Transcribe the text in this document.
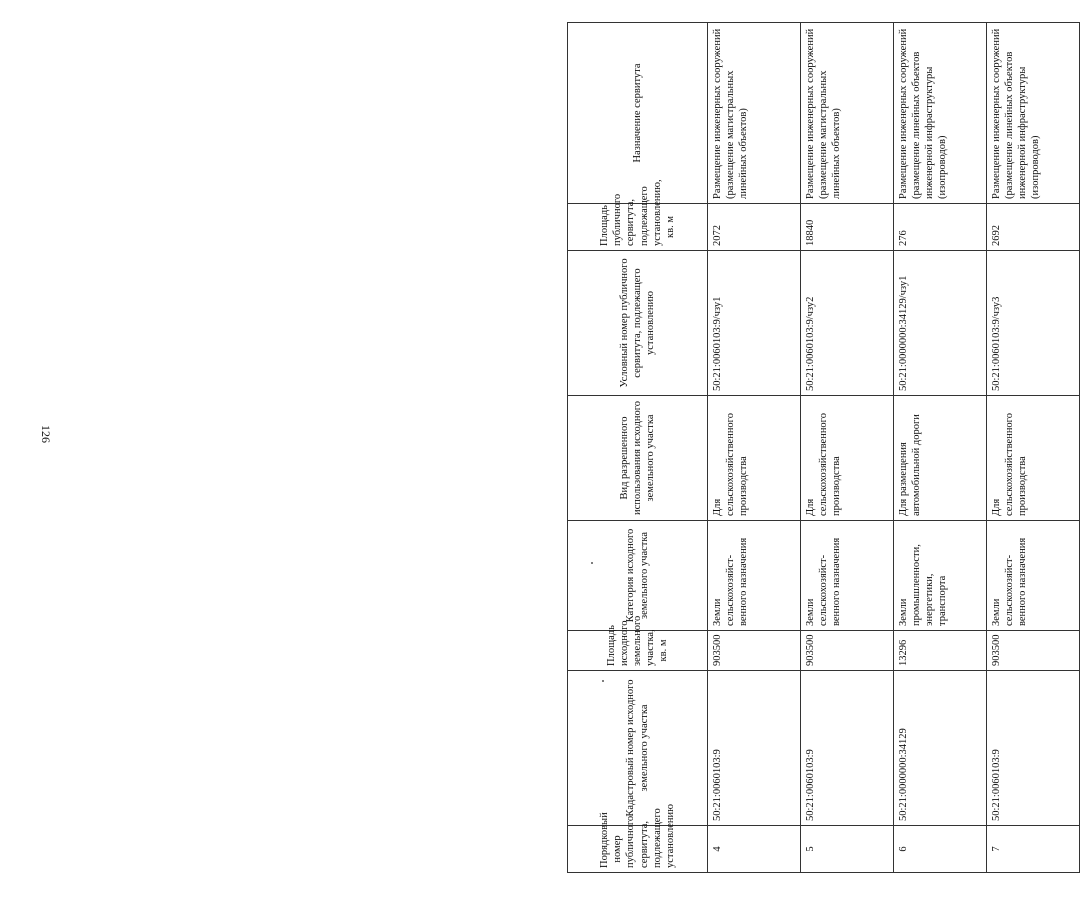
126
Порядковый номер публичного сервитута, подлежащего установлению	Кадастровый номер исходного земельного участка	Площадь исходного земельного участка, кв. м	Категория исходного земельного участка	Вид разрешенного использования исходного земельного участка	Условный номер публичного сервитута, подлежащего установлению	Площадь публичного сервитута, подлежащего установлению, кв. м	Назначение сервитута
4	50:21:0060103:9	903500	Земли сельскохозяйст-венного назначения	Для сельскохозяйственного производства	50:21:0060103:9/чзу1	2072	Размещение инженерных сооружений (размещение магистральных линейных объектов)
5	50:21:0060103:9	903500	Земли сельскохозяйст-венного назначения	Для сельскохозяйственного производства	50:21:0060103:9/чзу2	18840	Размещение инженерных сооружений (размещение магистральных линейных объектов)
6	50:21:0000000:34129	13296	Земли промышленности, энергетики, транспорта	Для размещения автомобильной дороги	50:21:0000000:34129/чзу1	276	Размещение инженерных сооружений (размещение линейных объектов инженерной инфраструктуры (изопроводов)
7	50:21:0060103:9	903500	Земли сельскохозяйст-венного назначения	Для сельскохозяйственного производства	50:21:0060103:9/чзу3	2692	Размещение инженерных сооружений (размещение линейных объектов инженерной инфраструктуры (изопроводов)
